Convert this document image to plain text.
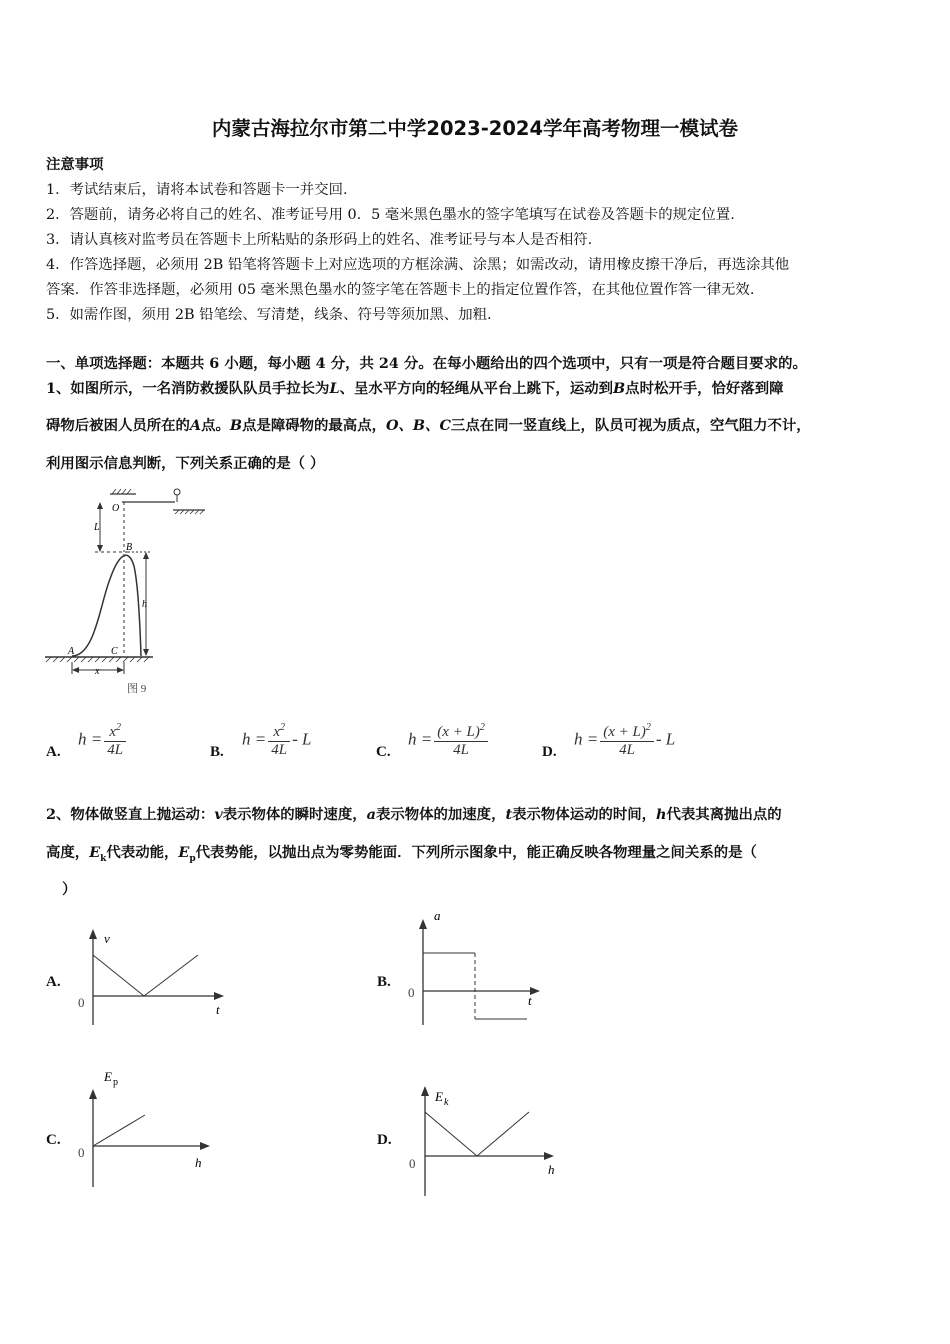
内蒙古海拉尔市第二中学2023-2024学年高考物理一模试卷
注意事项
1．考试结束后，请将本试卷和答题卡一并交回.
2．答题前，请务必将自己的姓名、准考证号用 0．5 毫米黑色墨水的签字笔填写在试卷及答题卡的规定位置.
3．请认真核对监考员在答题卡上所粘贴的条形码上的姓名、准考证号与本人是否相符.
4．作答选择题，必须用 2B 铅笔将答题卡上对应选项的方框涂满、涂黑；如需改动，请用橡皮擦干净后，再选涂其他
答案．作答非选择题，必须用 05 毫米黑色墨水的签字笔在答题卡上的指定位置作答，在其他位置作答一律无效.
5．如需作图，须用 2B 铅笔绘、写清楚，线条、符号等须加黑、加粗.
一、单项选择题：本题共 6 小题，每小题 4 分，共 24 分。在每小题给出的四个选项中，只有一项是符合题目要求的。
1、如图所示，一名消防救援队队员手拉长为L、呈水平方向的轻绳从平台上跳下，运动到B点时松开手，恰好落到障
碍物后被困人员所在的A点。B点是障碍物的最高点，O、B、C三点在同一竖直线上，队员可视为质点，空气阻力不计，
利用图示信息判断，下列关系正确的是（ ）
O
L
B
h
A	C
x
图 9
A.
$h = \frac{x^2}{4L}$	B.
$h = \frac{x^2}{4L} - L$
C.
$h = \frac{(x + L)^2}{4L}$	D.
$h = \frac{(x + L)^2}{4L} - L$
2、物体做竖直上抛运动：v表示物体的瞬时速度，a表示物体的加速度，t表示物体运动的时间，h代表其离抛出点的
高度，$E_k$代表动能，$E_p$代表势能，以抛出点为零势能面．下列所示图象中，能正确反映各物理量之间关系的是（
）
A.
v
t
0
B.
a
t
0
C.
E p
h
0
D.
E k
h
0
